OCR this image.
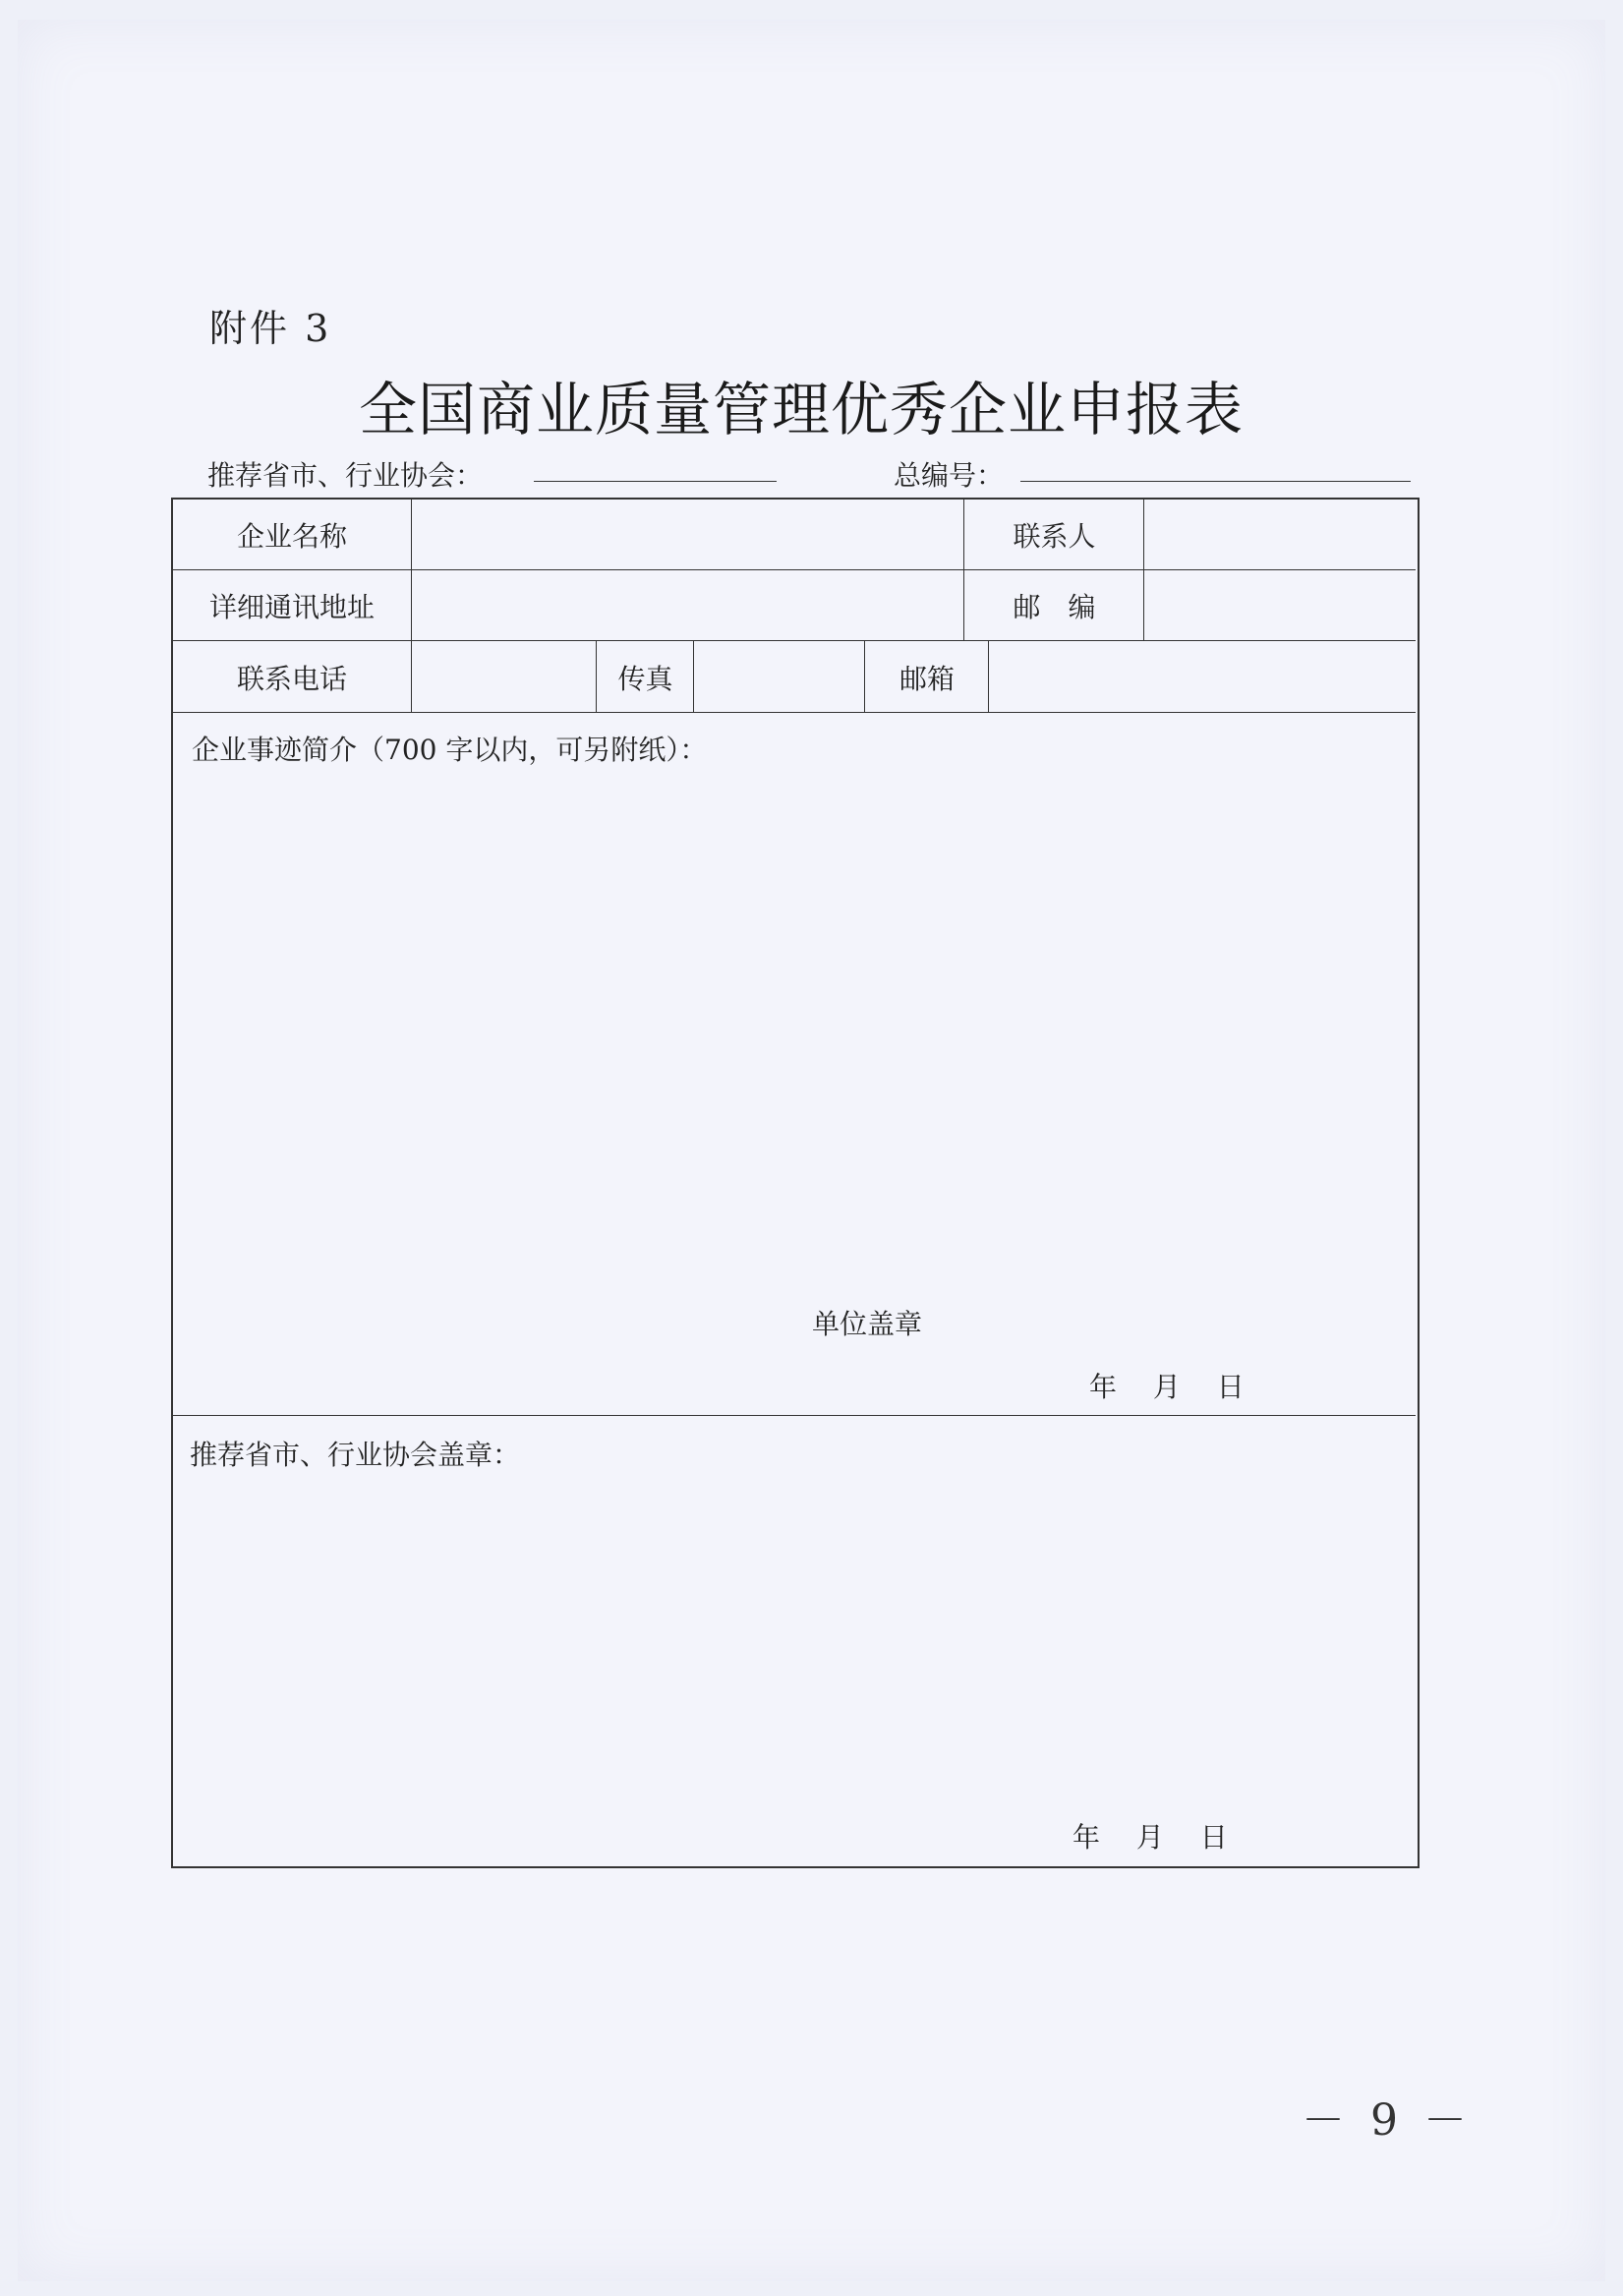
附件 3
全国商业质量管理优秀企业申报表
推荐省市、行业协会：	总编号：
企业名称	联系人
详细通讯地址	邮　编
联系电话	传真	邮箱
企业事迹简介（700 字以内，可另附纸）：
单位盖章
年　 月　 日
推荐省市、行业协会盖章：
年　 月　 日
－ 9 －
